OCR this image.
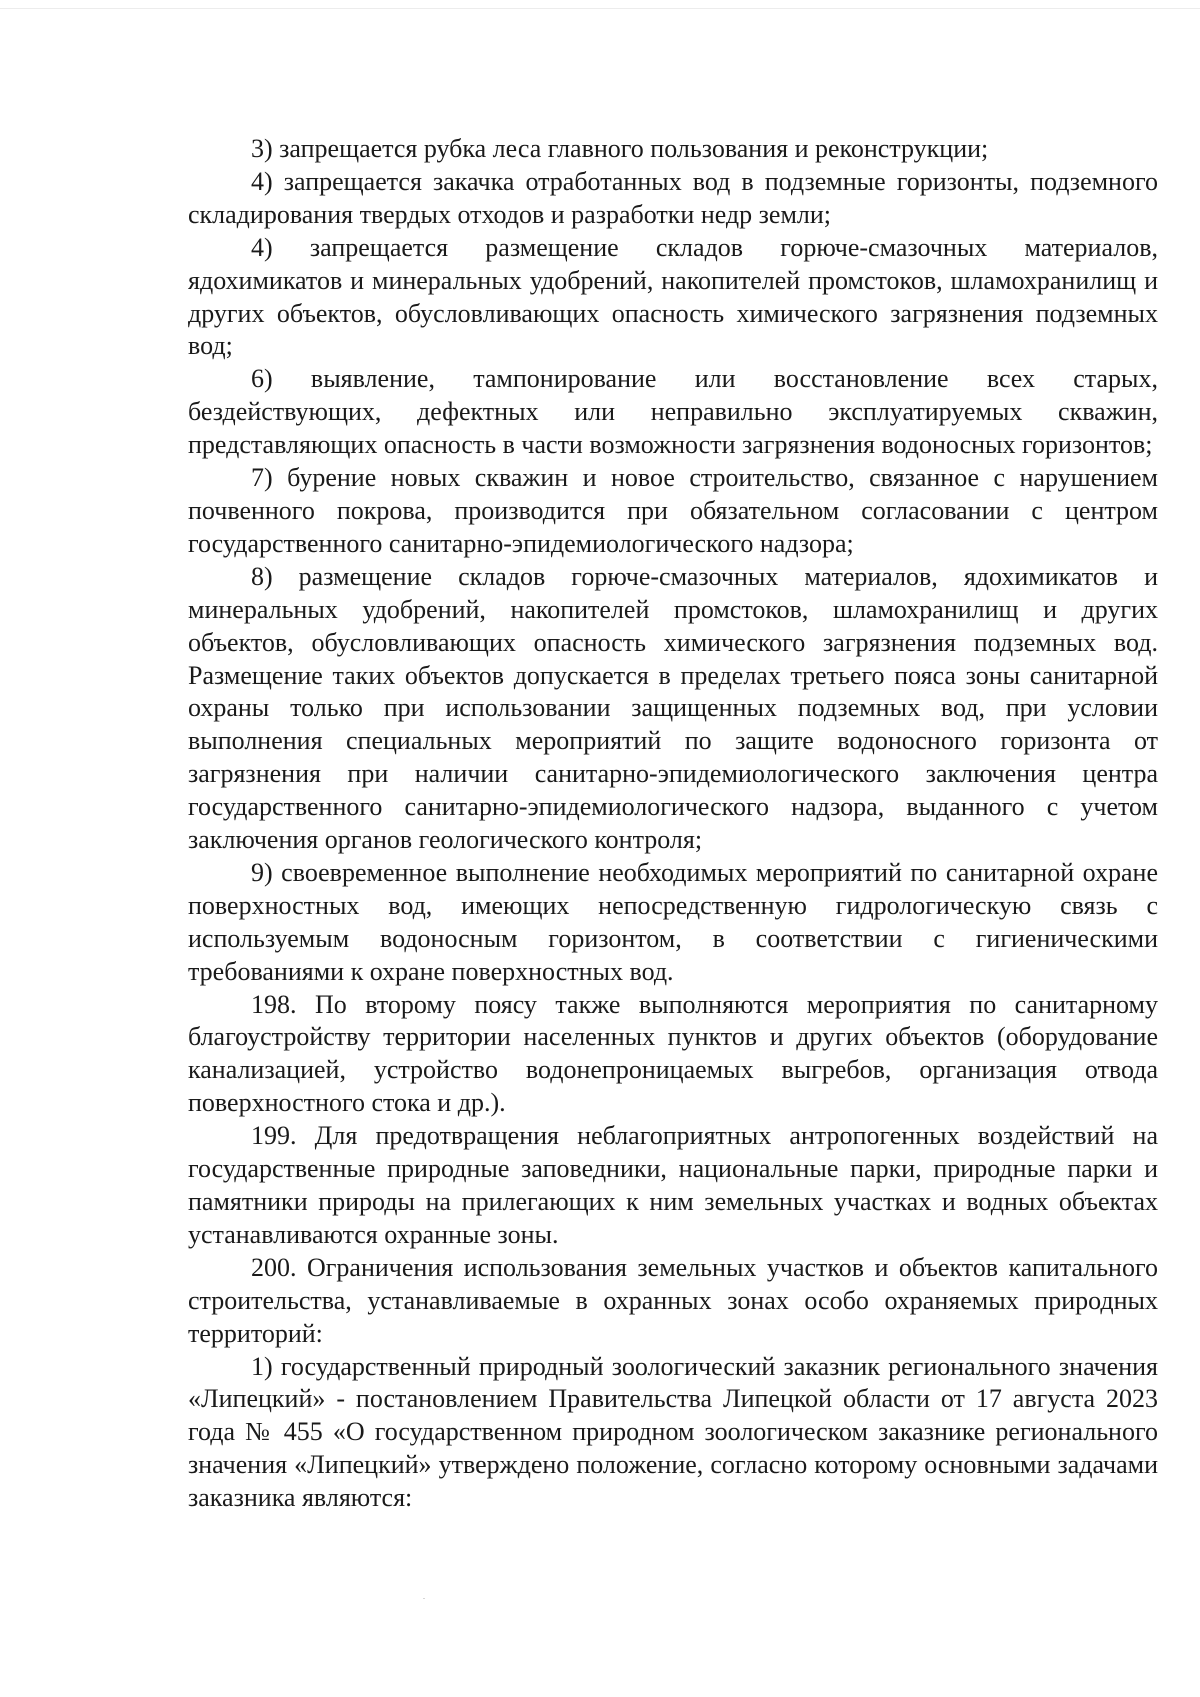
3) запрещается рубка леса главного пользования и реконструкции;

4) запрещается закачка отработанных вод в подземные горизонты, подземного складирования твердых отходов и разработки недр земли;

4) запрещается размещение складов горюче-смазочных материалов, ядохимикатов и минеральных удобрений, накопителей промстоков, шламохранилищ и других объектов, обусловливающих опасность химического загрязнения подземных вод;

6) выявление, тампонирование или восстановление всех старых, бездействующих, дефектных или неправильно эксплуатируемых скважин, представляющих опасность в части возможности загрязнения водоносных горизонтов;

7) бурение новых скважин и новое строительство, связанное с нарушением почвенного покрова, производится при обязательном согласовании с центром государственного санитарно-эпидемиологического надзора;

8) размещение складов горюче-смазочных материалов, ядохимикатов и минеральных удобрений, накопителей промстоков, шламохранилищ и других объектов, обусловливающих опасность химического загрязнения подземных вод. Размещение таких объектов допускается в пределах третьего пояса зоны санитарной охраны только при использовании защищенных подземных вод, при условии выполнения специальных мероприятий по защите водоносного горизонта от загрязнения при наличии санитарно-эпидемиологического заключения центра государственного санитарно-эпидемиологического надзора, выданного с учетом заключения органов геологического контроля;

9) своевременное выполнение необходимых мероприятий по санитарной охране поверхностных вод, имеющих непосредственную гидрологическую связь с используемым водоносным горизонтом, в соответствии с гигиеническими требованиями к охране поверхностных вод.

198. По второму поясу также выполняются мероприятия по санитарному благоустройству территории населенных пунктов и других объектов (оборудование канализацией, устройство водонепроницаемых выгребов, организация отвода поверхностного стока и др.).

199. Для предотвращения неблагоприятных антропогенных воздействий на государственные природные заповедники, национальные парки, природные парки и памятники природы на прилегающих к ним земельных участках и водных объектах устанавливаются охранные зоны.

200. Ограничения использования земельных участков и объектов капитального строительства, устанавливаемые в охранных зонах особо охраняемых природных территорий:

1) государственный природный зоологический заказник регионального значения «Липецкий» - постановлением Правительства Липецкой области от 17 августа 2023 года № 455 «О государственном природном зоологическом заказнике регионального значения «Липецкий» утверждено положение, согласно которому основными задачами заказника являются:
